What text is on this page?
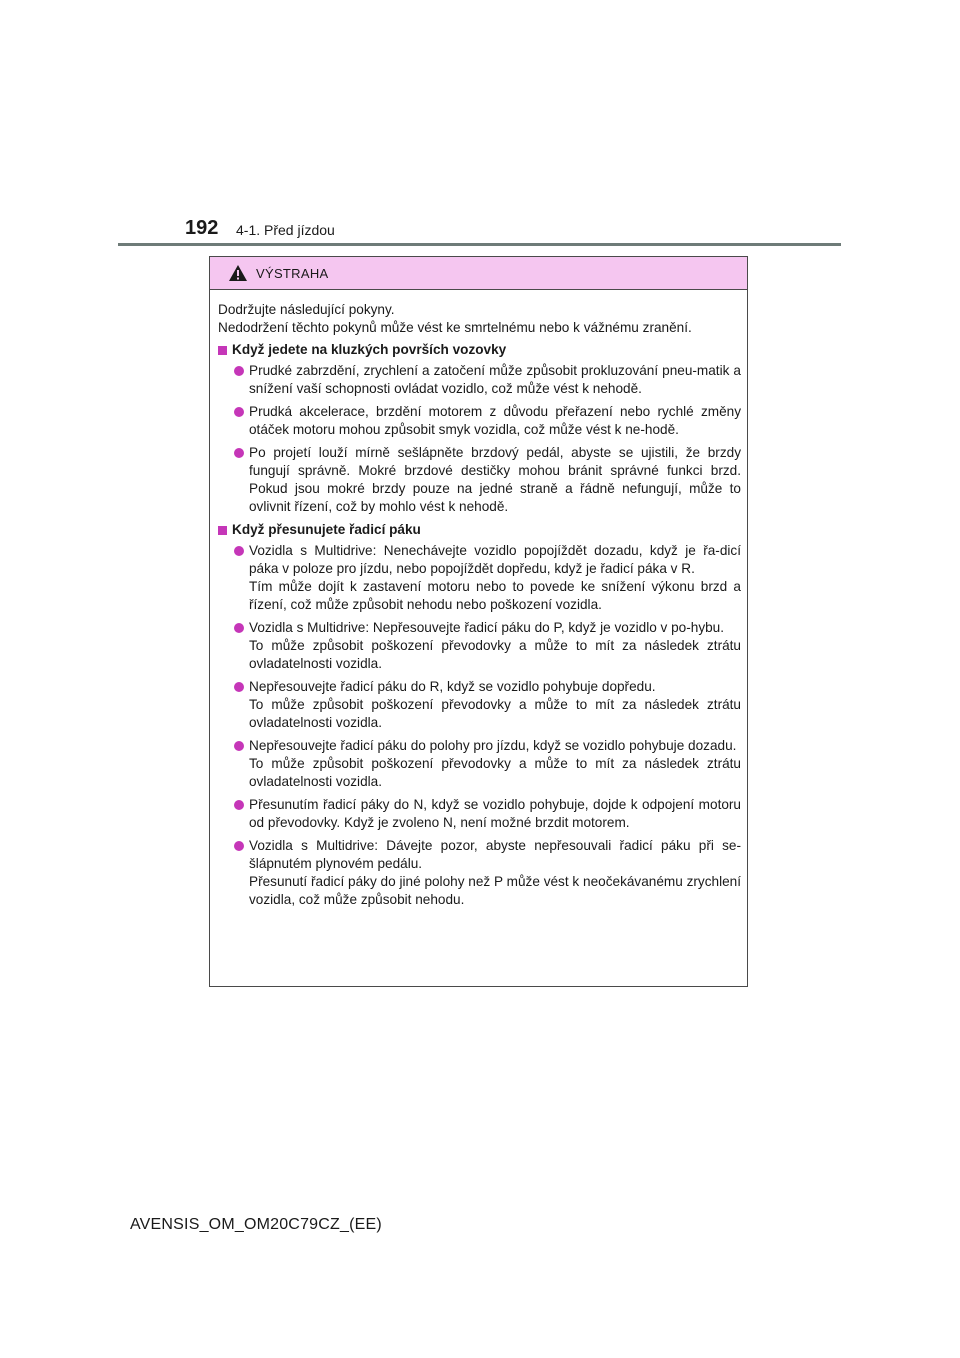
192 4-1. Před jízdou
VÝSTRAHA

Dodržujte následující pokyny.

Nedodržení těchto pokynů může vést ke smrtelnému nebo k vážnému zranění.

Když jedete na kluzkých površích vozovky
Prudké zabrzdění, zrychlení a zatočení může způsobit prokluzování pneu-matik a snížení vaší schopnosti ovládat vozidlo, což může vést k nehodě.
Prudká akcelerace, brzdění motorem z důvodu přeřazení nebo rychlé změny otáček motoru mohou způsobit smyk vozidla, což může vést k ne-hodě.
Po projetí louží mírně sešlápněte brzdový pedál, abyste se ujistili, že brzdy fungují správně. Mokré brzdové destičky mohou bránit správné funkci brzd. Pokud jsou mokré brzdy pouze na jedné straně a řádně nefungují, může to ovlivnit řízení, což by mohlo vést k nehodě.
Když přesunujete řadicí páku
Vozidla s Multidrive: Nenechávejte vozidlo popojíždět dozadu, když je řa-dicí páka v poloze pro jízdu, nebo popojíždět dopředu, když je řadicí páka v R.
Tím může dojít k zastavení motoru nebo to povede ke snížení výkonu brzd a řízení, což může způsobit nehodu nebo poškození vozidla.
Vozidla s Multidrive: Nepřesouvejte řadicí páku do P, když je vozidlo v po-hybu.
To může způsobit poškození převodovky a může to mít za následek ztrátu ovladatelnosti vozidla.
Nepřesouvejte řadicí páku do R, když se vozidlo pohybuje dopředu.
To může způsobit poškození převodovky a může to mít za následek ztrátu ovladatelnosti vozidla.
Nepřesouvejte řadicí páku do polohy pro jízdu, když se vozidlo pohybuje dozadu.
To může způsobit poškození převodovky a může to mít za následek ztrátu ovladatelnosti vozidla.
Přesunutím řadicí páky do N, když se vozidlo pohybuje, dojde k odpojení motoru od převodovky. Když je zvoleno N, není možné brzdit motorem.
Vozidla s Multidrive: Dávejte pozor, abyste nepřesouvali řadicí páku při se-šlápnutém plynovém pedálu.
Přesunutí řadicí páky do jiné polohy než P může vést k neočekávanému zrychlení vozidla, což může způsobit nehodu.
AVENSIS_OM_OM20C79CZ_(EE)
